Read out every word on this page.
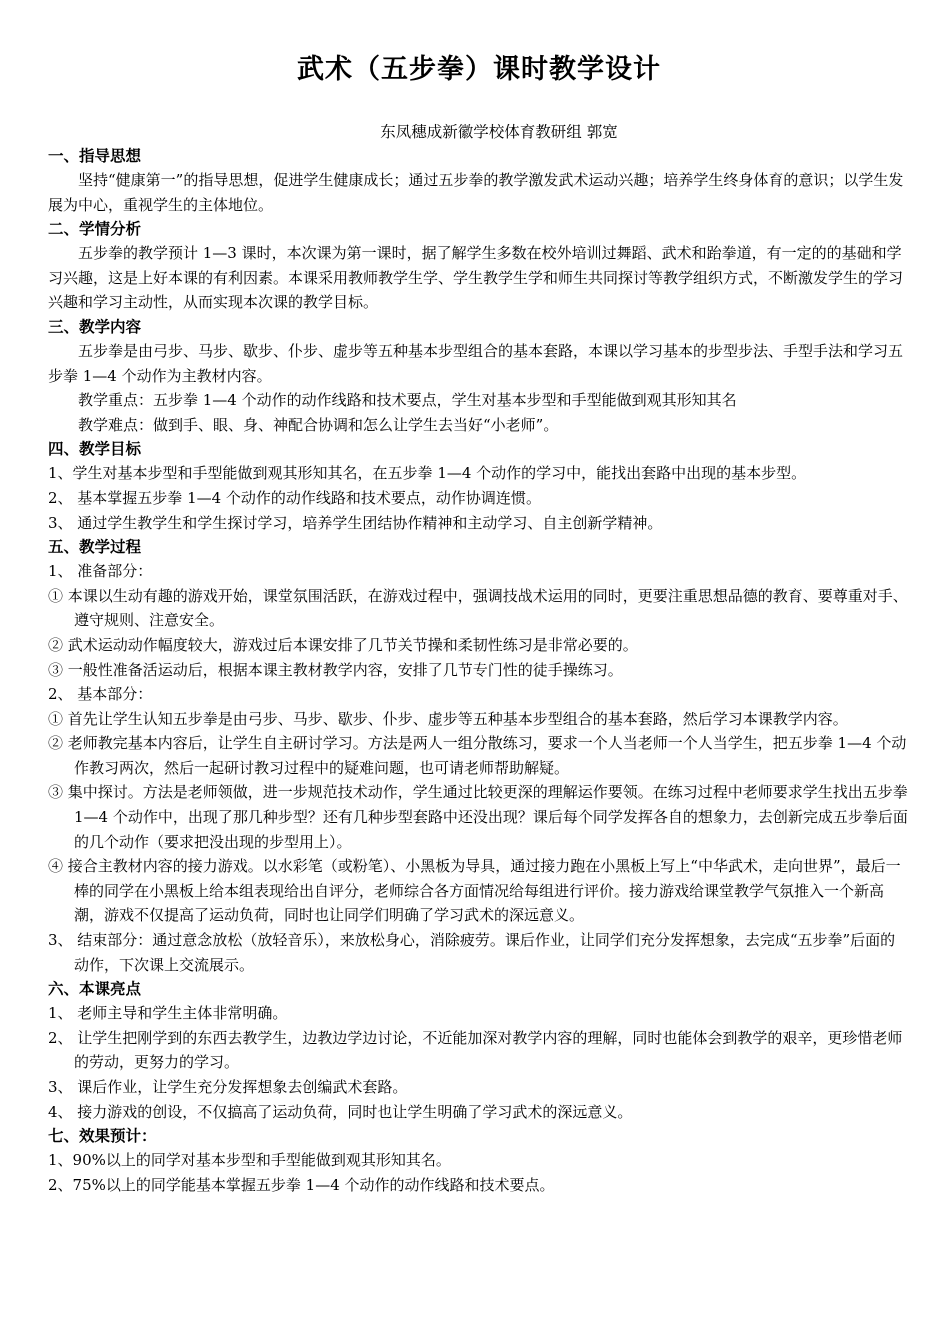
武术（五步拳）课时教学设计

东凤穗成新徽学校体育教研组 郭宽

一、指导思想

坚持“健康第一”的指导思想，促进学生健康成长；通过五步拳的教学激发武术运动兴趣；培养学生终身体育的意识；以学生发展为中心，重视学生的主体地位。

二、学情分析

五步拳的教学预计 1—3 课时，本次课为第一课时，据了解学生多数在校外培训过舞蹈、武术和跆拳道，有一定的的基础和学习兴趣，这是上好本课的有利因素。本课采用教师教学生学、学生教学生学和师生共同探讨等教学组织方式，不断激发学生的学习兴趣和学习主动性，从而实现本次课的教学目标。

三、教学内容

五步拳是由弓步、马步、歇步、仆步、虚步等五种基本步型组合的基本套路，本课以学习基本的步型步法、手型手法和学习五步拳 1—4 个动作为主教材内容。

教学重点：五步拳 1—4 个动作的动作线路和技术要点，学生对基本步型和手型能做到观其形知其名

教学难点：做到手、眼、身、神配合协调和怎么让学生去当好“小老师”。

四、教学目标

1、学生对基本步型和手型能做到观其形知其名，在五步拳 1—4 个动作的学习中，能找出套路中出现的基本步型。

2、 基本掌握五步拳 1—4 个动作的动作线路和技术要点，动作协调连惯。

3、 通过学生教学生和学生探讨学习，培养学生团结协作精神和主动学习、自主创新学精神。

五、教学过程

1、 准备部分：

① 本课以生动有趣的游戏开始，课堂氛围活跃，在游戏过程中，强调技战术运用的同时，更要注重思想品德的教育、要尊重对手、遵守规则、注意安全。

② 武术运动动作幅度较大，游戏过后本课安排了几节关节操和柔韧性练习是非常必要的。

③ 一般性准备活运动后，根据本课主教材教学内容，安排了几节专门性的徒手操练习。

2、 基本部分：

① 首先让学生认知五步拳是由弓步、马步、歇步、仆步、虚步等五种基本步型组合的基本套路，然后学习本课教学内容。

② 老师教完基本内容后，让学生自主研讨学习。方法是两人一组分散练习，要求一个人当老师一个人当学生，把五步拳 1—4 个动作教习两次，然后一起研讨教习过程中的疑难问题，也可请老师帮助解疑。

③ 集中探讨。方法是老师领做，进一步规范技术动作，学生通过比较更深的理解运作要领。在练习过程中老师要求学生找出五步拳 1—4 个动作中，出现了那几种步型？还有几种步型套路中还没出现？课后每个同学发挥各自的想象力，去创新完成五步拳后面的几个动作（要求把没出现的步型用上）。

④ 接合主教材内容的接力游戏。以水彩笔（或粉笔）、小黑板为导具，通过接力跑在小黑板上写上“中华武术，走向世界”，最后一棒的同学在小黑板上给本组表现给出自评分，老师综合各方面情况给每组进行评价。接力游戏给课堂教学气氛推入一个新高潮，游戏不仅提高了运动负荷，同时也让同学们明确了学习武术的深远意义。

3、 结束部分：通过意念放松（放轻音乐），来放松身心，消除疲劳。课后作业，让同学们充分发挥想象，去完成“五步拳”后面的动作，下次课上交流展示。

六、本课亮点

1、 老师主导和学生主体非常明确。

2、 让学生把刚学到的东西去教学生，边教边学边讨论，不近能加深对教学内容的理解，同时也能体会到教学的艰辛，更珍惜老师的劳动，更努力的学习。

3、 课后作业，让学生充分发挥想象去创编武术套路。

4、 接力游戏的创设，不仅搞高了运动负荷，同时也让学生明确了学习武术的深远意义。

七、效果预计：

1、90%以上的同学对基本步型和手型能做到观其形知其名。

2、75%以上的同学能基本掌握五步拳 1—4 个动作的动作线路和技术要点。
